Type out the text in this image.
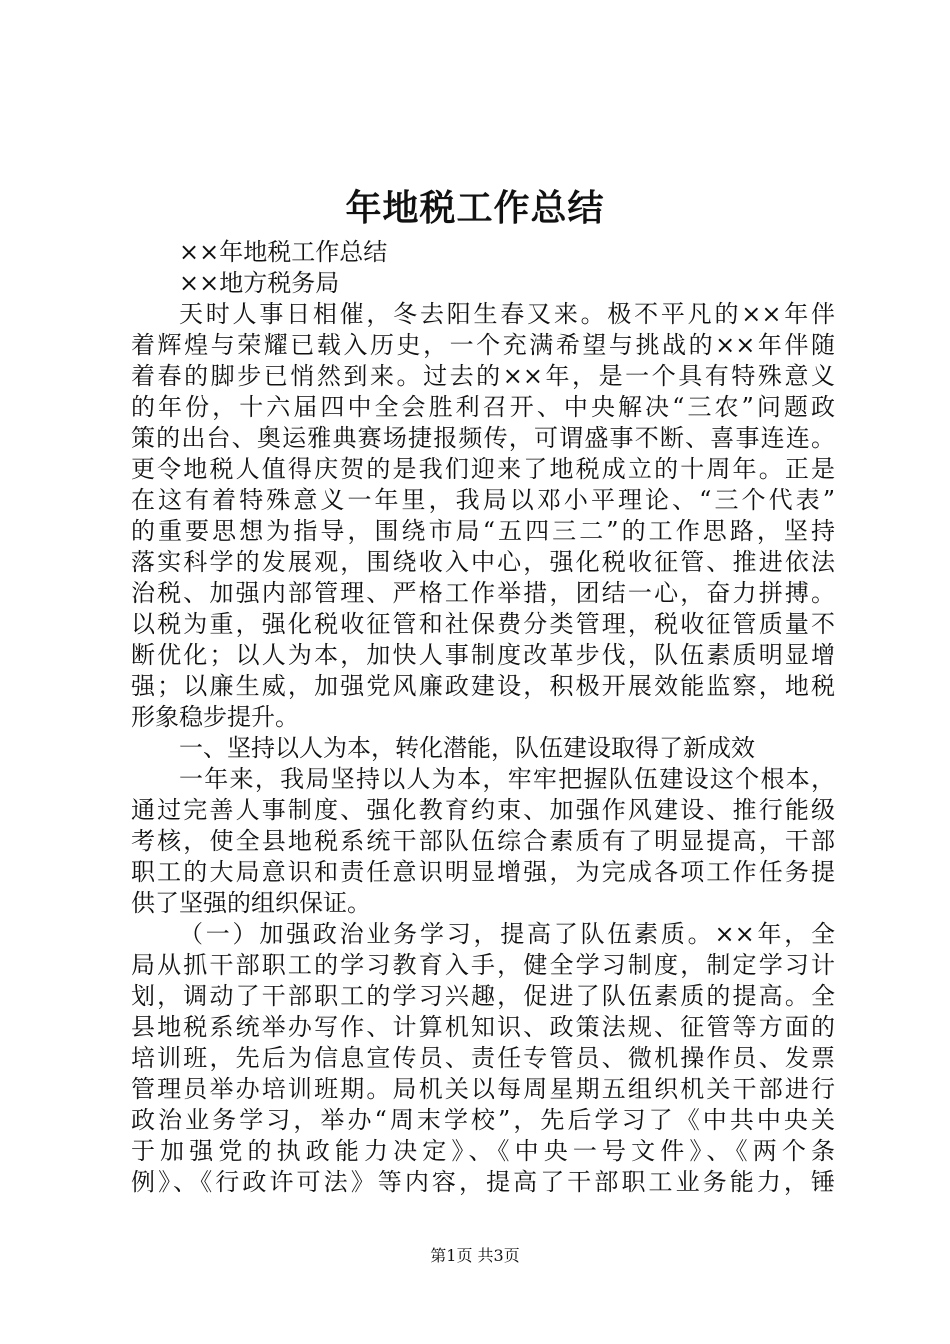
年地税工作总结
××年地税工作总结
××地方税务局
天时人事日相催，冬去阳生春又来。极不平凡的××年伴
着辉煌与荣耀已载入历史，一个充满希望与挑战的××年伴随
着春的脚步已悄然到来。过去的××年，是一个具有特殊意义
的年份，十六届四中全会胜利召开、中央解决“三农”问题政
策的出台、奥运雅典赛场捷报频传，可谓盛事不断、喜事连连。
更令地税人值得庆贺的是我们迎来了地税成立的十周年。正是
在这有着特殊意义一年里，我局以邓小平理论、“三个代表”
的重要思想为指导，围绕市局“五四三二”的工作思路，坚持
落实科学的发展观，围绕收入中心，强化税收征管、推进依法
治税、加强内部管理、严格工作举措，团结一心，奋力拼搏。
以税为重，强化税收征管和社保费分类管理，税收征管质量不
断优化；以人为本，加快人事制度改革步伐，队伍素质明显增
强；以廉生威，加强党风廉政建设，积极开展效能监察，地税
形象稳步提升。
一、坚持以人为本，转化潜能，队伍建设取得了新成效
一年来，我局坚持以人为本，牢牢把握队伍建设这个根本，
通过完善人事制度、强化教育约束、加强作风建设、推行能级
考核，使全县地税系统干部队伍综合素质有了明显提高，干部
职工的大局意识和责任意识明显增强，为完成各项工作任务提
供了坚强的组织保证。
（一）加强政治业务学习，提高了队伍素质。××年，全
局从抓干部职工的学习教育入手，健全学习制度，制定学习计
划，调动了干部职工的学习兴趣，促进了队伍素质的提高。全
县地税系统举办写作、计算机知识、政策法规、征管等方面的
培训班，先后为信息宣传员、责任专管员、微机操作员、发票
管理员举办培训班期。局机关以每周星期五组织机关干部进行
政治业务学习，举办“周末学校”，先后学习了《中共中央关
于加强党的执政能力决定》、《中央一号文件》、《两个条
例》、《行政许可法》等内容，提高了干部职工业务能力，锤
第1页 共3页
